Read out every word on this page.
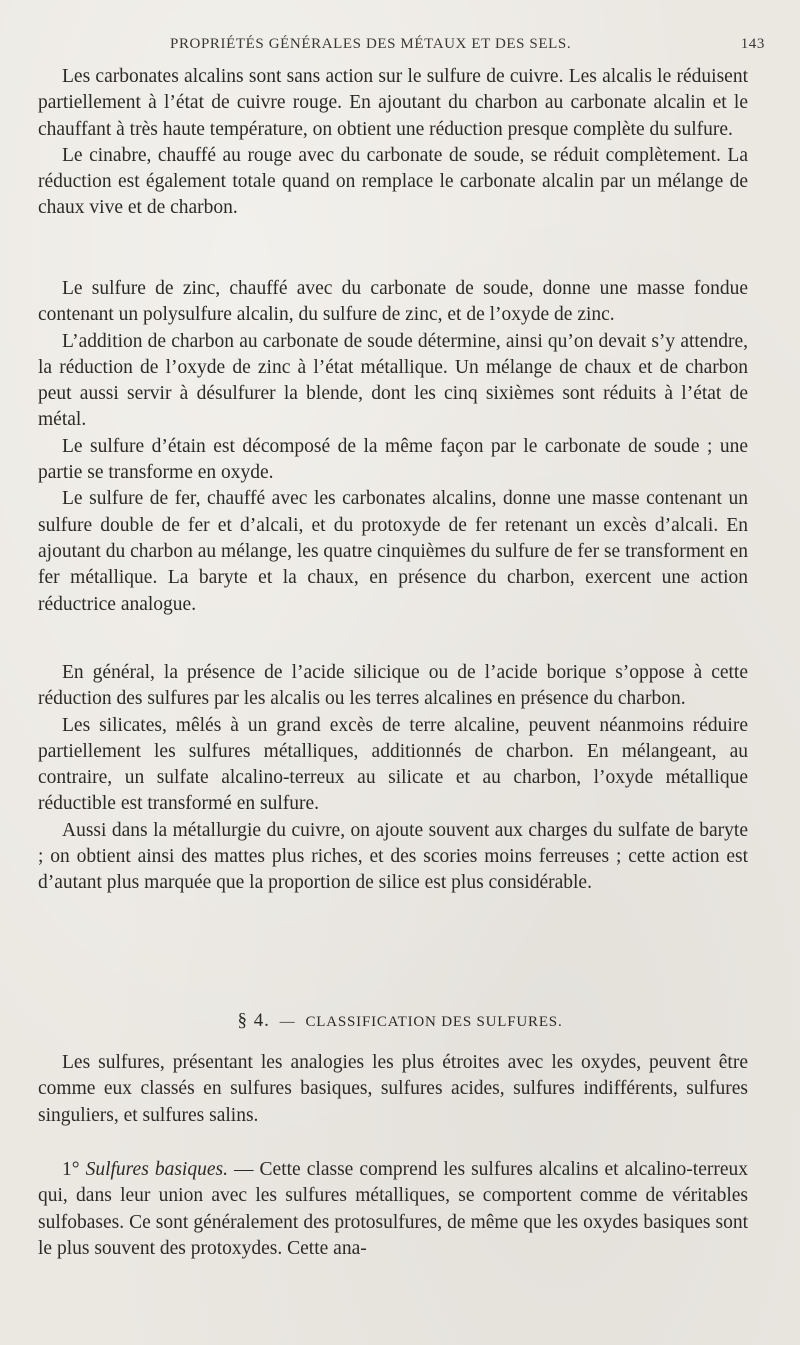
PROPRIÉTÉS GÉNÉRALES DES MÉTAUX ET DES SELS.	143

Les carbonates alcalins sont sans action sur le sulfure de cuivre. Les alcalis le réduisent partiellement à l’état de cuivre rouge. En ajoutant du charbon au carbonate alcalin et le chauffant à très haute température, on obtient une réduction presque complète du sulfure.

Le cinabre, chauffé au rouge avec du carbonate de soude, se réduit complètement. La réduction est également totale quand on remplace le carbonate alcalin par un mélange de chaux vive et de charbon.

Le sulfure de zinc, chauffé avec du carbonate de soude, donne une masse fondue contenant un polysulfure alcalin, du sulfure de zinc, et de l’oxyde de zinc.

L’addition de charbon au carbonate de soude détermine, ainsi qu’on devait s’y attendre, la réduction de l’oxyde de zinc à l’état métallique. Un mélange de chaux et de charbon peut aussi servir à désulfurer la blende, dont les cinq sixièmes sont réduits à l’état de métal.

Le sulfure d’étain est décomposé de la même façon par le carbonate de soude ; une partie se transforme en oxyde.

Le sulfure de fer, chauffé avec les carbonates alcalins, donne une masse contenant un sulfure double de fer et d’alcali, et du protoxyde de fer retenant un excès d’alcali. En ajoutant du charbon au mélange, les quatre cinquièmes du sulfure de fer se transforment en fer métallique. La baryte et la chaux, en présence du charbon, exercent une action réductrice analogue.

En général, la présence de l’acide silicique ou de l’acide borique s’oppose à cette réduction des sulfures par les alcalis ou les terres alcalines en présence du charbon.

Les silicates, mêlés à un grand excès de terre alcaline, peuvent néanmoins réduire partiellement les sulfures métalliques, additionnés de charbon. En mélangeant, au contraire, un sulfate alcalino-terreux au silicate et au charbon, l’oxyde métallique réductible est transformé en sulfure.

Aussi dans la métallurgie du cuivre, on ajoute souvent aux charges du sulfate de baryte ; on obtient ainsi des mattes plus riches, et des scories moins ferreuses ; cette action est d’autant plus marquée que la proportion de silice est plus considérable.

§ 4. — CLASSIFICATION DES SULFURES.

Les sulfures, présentant les analogies les plus étroites avec les oxydes, peuvent être comme eux classés en sulfures basiques, sulfures acides, sulfures indifférents, sulfures singuliers, et sulfures salins.

1° Sulfures basiques. — Cette classe comprend les sulfures alcalins et alcalino-terreux qui, dans leur union avec les sulfures métalliques, se comportent comme de véritables sulfobases. Ce sont généralement des protosulfures, de même que les oxydes basiques sont le plus souvent des protoxydes. Cette ana-
